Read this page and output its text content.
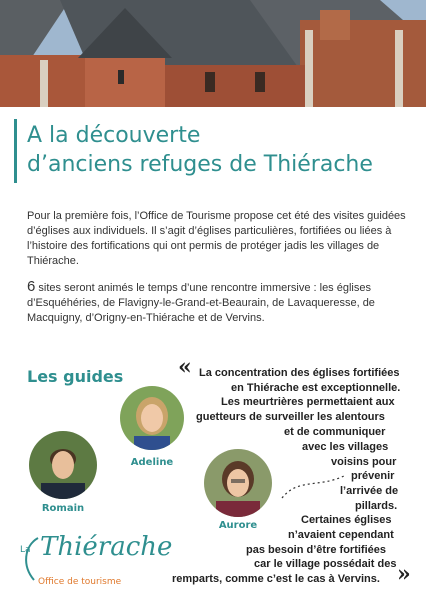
A la découverte
d’anciens refuges de Thiérache

Pour la première fois, l’Office de Tourisme propose cet été des visites guidées d’églises aux individuels. Il s’agit d’églises particulières, fortifiées ou liées à l’histoire des fortifications qui ont permis de protéger jadis les villages de Thiérache.

6 sites seront animés le temps d’une rencontre immersive : les églises d’Esquéhéries, de Flavigny-le-Grand-et-Beaurain, de Lavaqueresse, de Macquigny, d’Origny-en-Thiérache et de Vervins.

Les guides
Adeline
Romain
Aurore
« La concentration des églises fortifiées

en Thiérache est exceptionnelle.

Les meurtrières permettaient aux

guetteurs de surveiller les alentours

et de communiquer

avec les villages

voisins pour

prévenir

l’arrivée de

pillards.

Certaines églises

n’avaient cependant

pas besoin d’être fortifiées

car le village possédait des

remparts, comme c’est le cas à Vervins. »
La Thiérache
Office de tourisme
